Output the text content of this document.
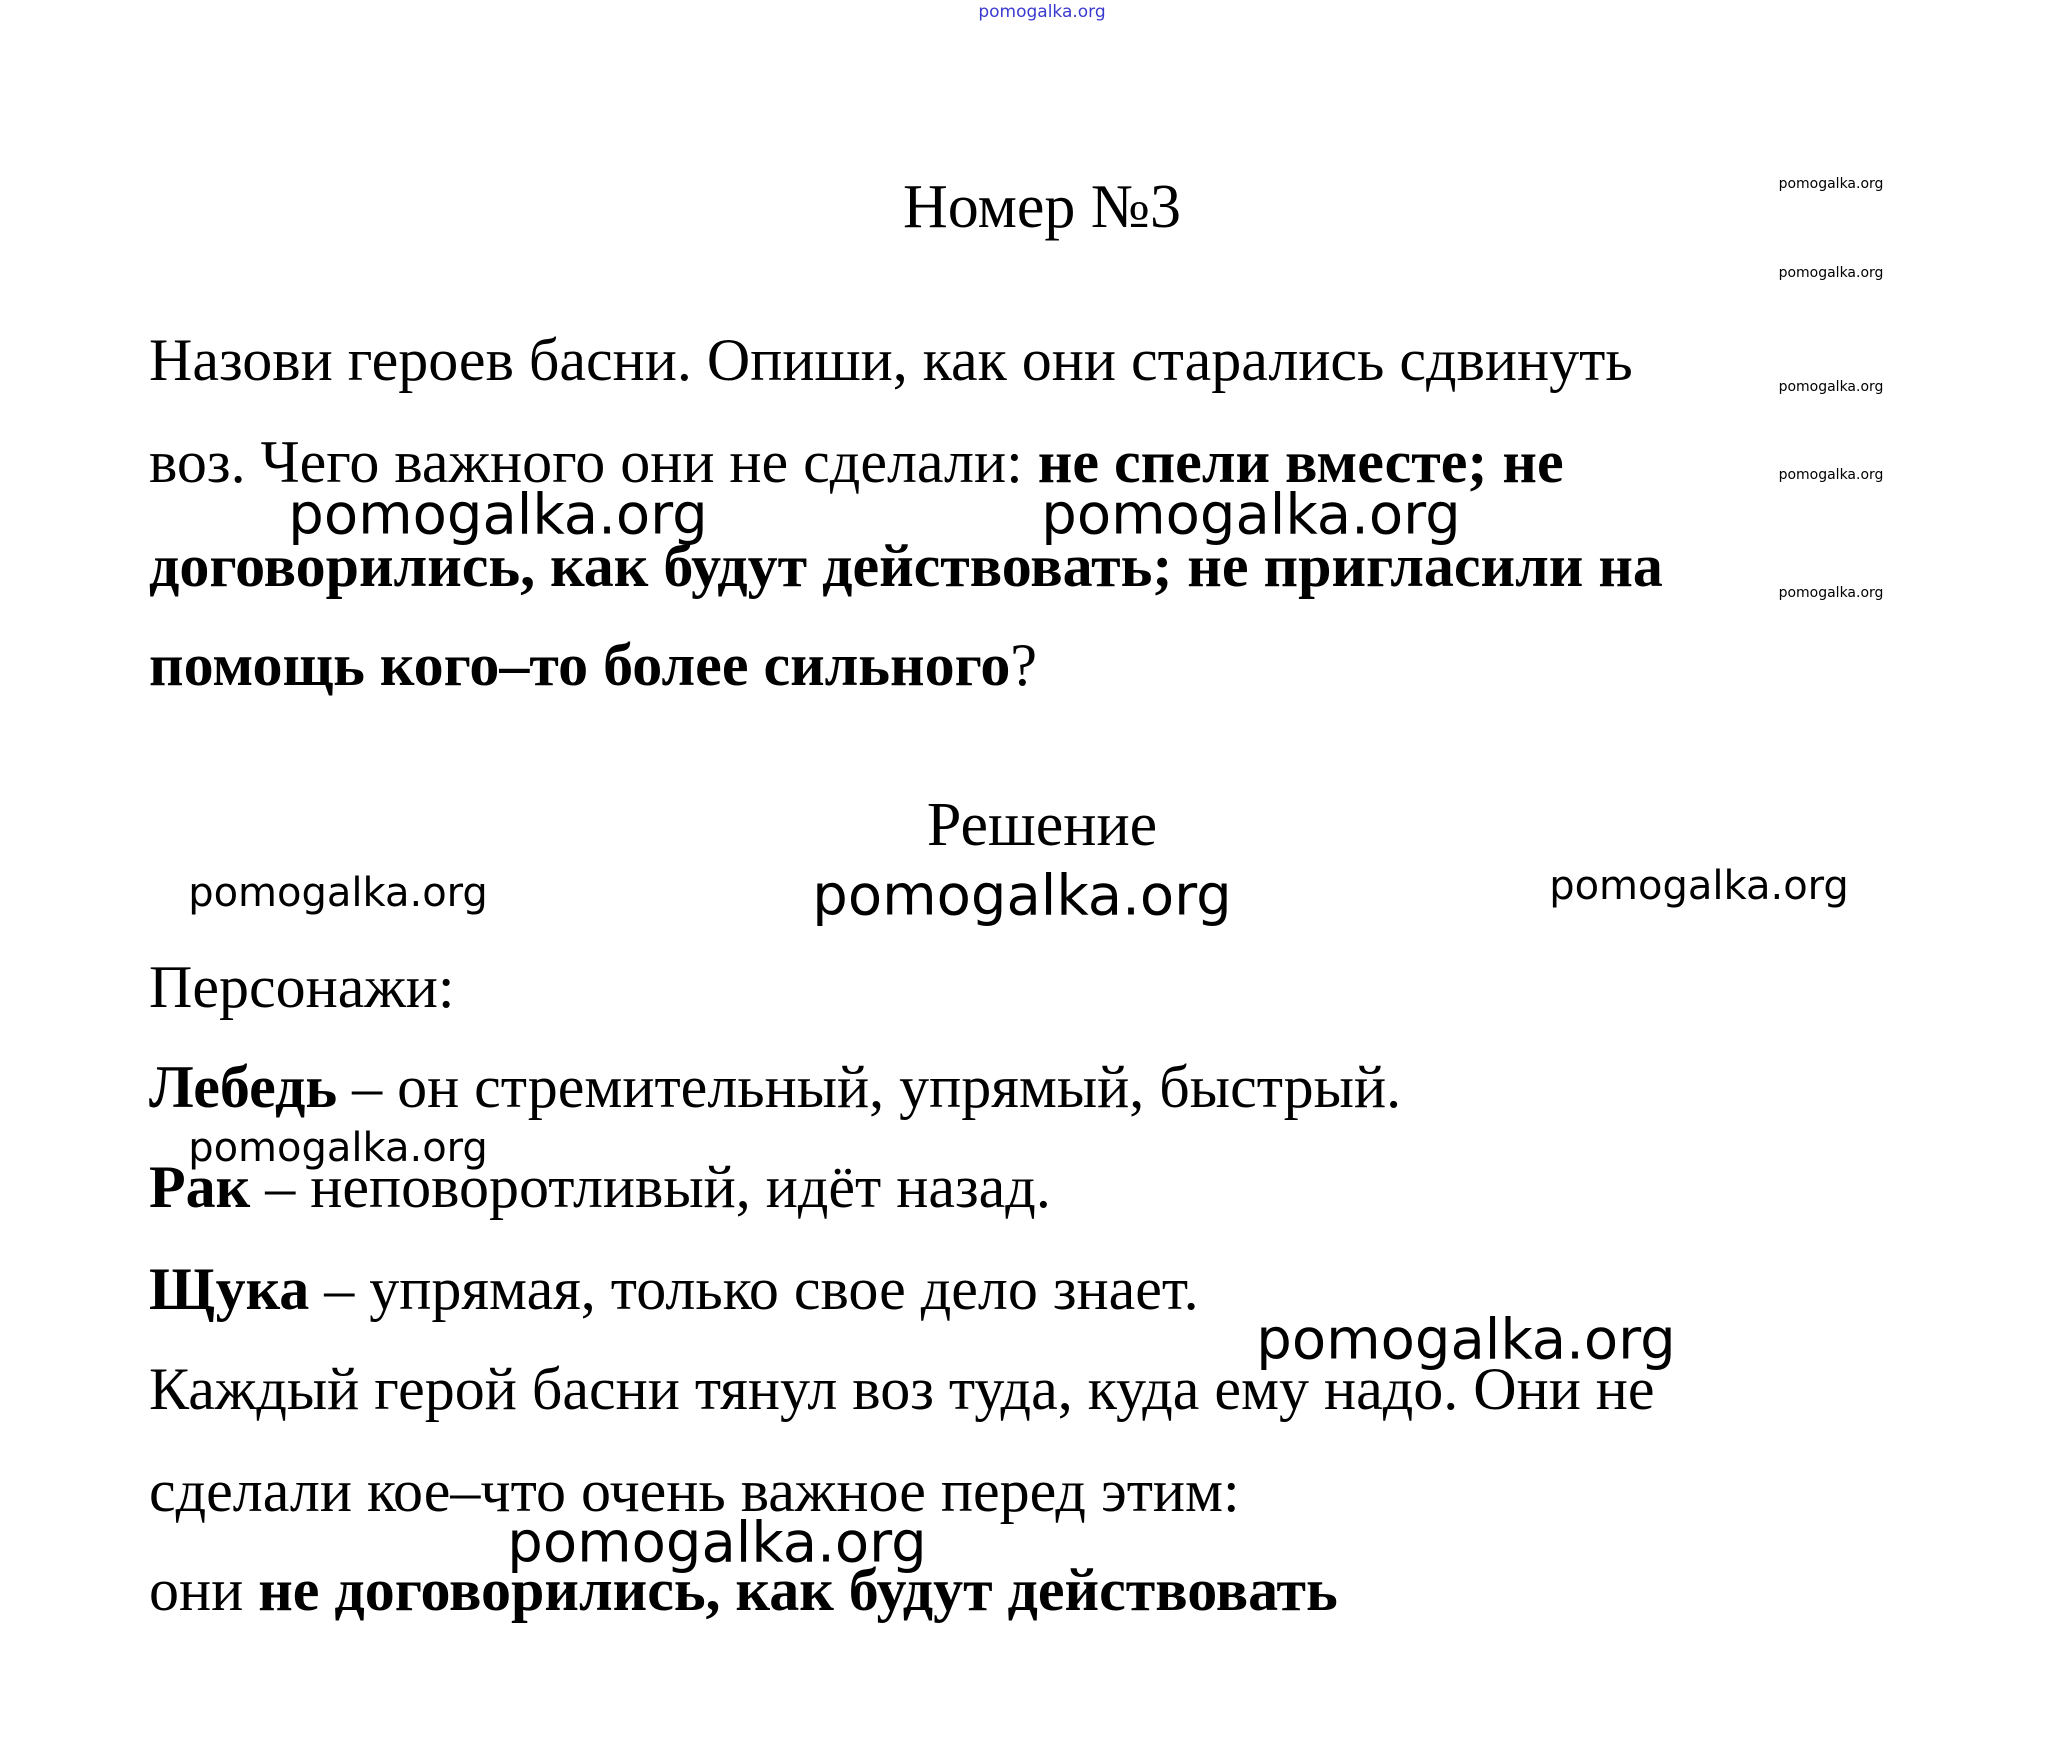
pomogalka.org
Номер №3
Назови героев басни. Опиши, как они старались сдвинуть
воз. Чего важного они не сделали: не спели вместе; не
договорились, как будут действовать; не пригласили на
помощь кого–то более сильного?
Решение
Персонажи:
Лебедь – он стремительный, упрямый, быстрый.
Рак – неповоротливый, идёт назад.
Щука – упрямая, только свое дело знает.
Каждый герой басни тянул воз туда, куда ему надо. Они не
сделали кое–что очень важное перед этим:
они не договорились, как будут действовать
pomogalka.org
pomogalka.org
pomogalka.org
pomogalka.org
pomogalka.org
pomogalka.org	pomogalka.org
pomogalka.org	pomogalka.org	pomogalka.org
pomogalka.org
pomogalka.org
pomogalka.org
